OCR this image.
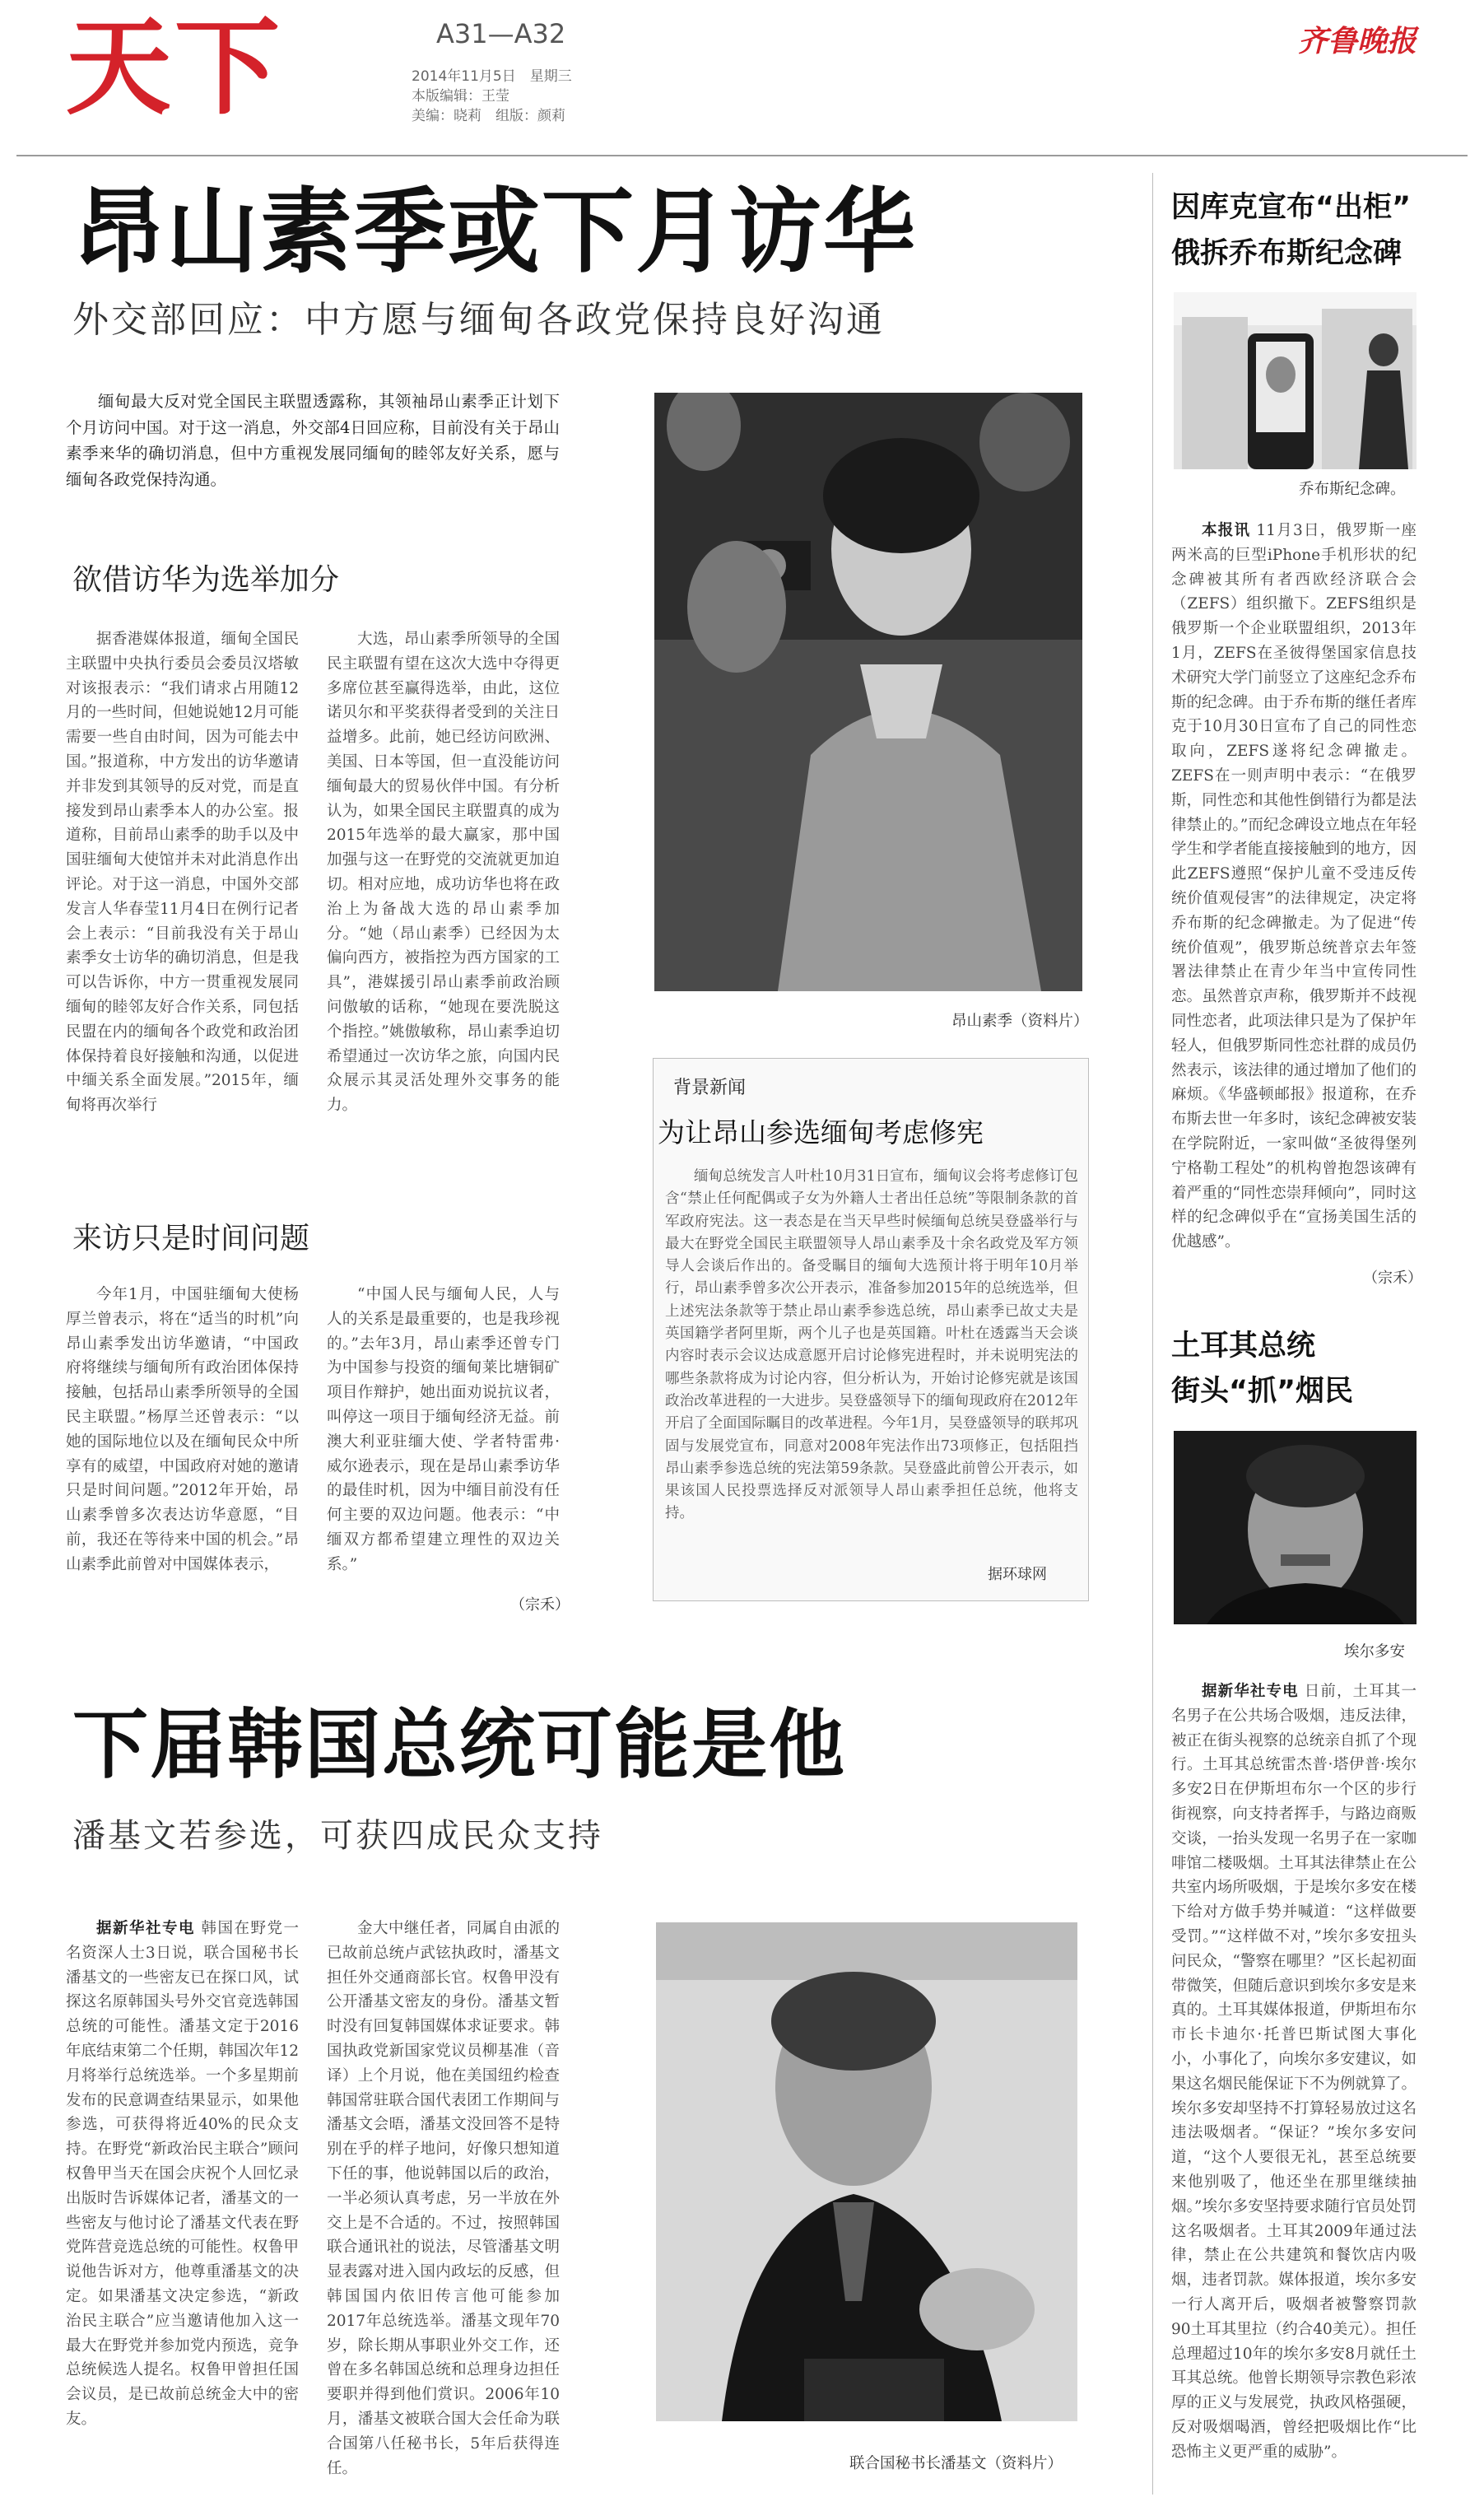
天下	A31—A32
2014年11月5日　星期三
本版编辑：王莹
美编：晓莉　组版：颜莉
齐鲁晚报
昂山素季或下月访华
外交部回应：中方愿与缅甸各政党保持良好沟通
缅甸最大反对党全国民主联盟透露称，其领袖昂山素季正计划下个月访问中国。对于这一消息，外交部4日回应称，目前没有关于昂山素季来华的确切消息，但中方重视发展同缅甸的睦邻友好关系，愿与缅甸各政党保持沟通。
欲借访华为选举加分
据香港媒体报道，缅甸全国民主联盟中央执行委员会委员汉塔敏对该报表示：“我们请求占用随12月的一些时间，但她说她12月可能需要一些自由时间，因为可能去中国。”报道称，中方发出的访华邀请并非发到其领导的反对党，而是直接发到昂山素季本人的办公室。报道称，目前昂山素季的助手以及中国驻缅甸大使馆并未对此消息作出评论。对于这一消息，中国外交部发言人华春莹11月4日在例行记者会上表示：“目前我没有关于昂山素季女士访华的确切消息，但是我可以告诉你，中方一贯重视发展同缅甸的睦邻友好合作关系，同包括民盟在内的缅甸各个政党和政治团体保持着良好接触和沟通，以促进中缅关系全面发展。”2015年，缅甸将再次举行
大选，昂山素季所领导的全国民主联盟有望在这次大选中夺得更多席位甚至赢得选举，由此，这位诺贝尔和平奖获得者受到的关注日益增多。此前，她已经访问欧洲、美国、日本等国，但一直没能访问缅甸最大的贸易伙伴中国。有分析认为，如果全国民主联盟真的成为2015年选举的最大赢家，那中国加强与这一在野党的交流就更加迫切。相对应地，成功访华也将在政治上为备战大选的昂山素季加分。“她（昂山素季）已经因为太偏向西方，被指控为西方国家的工具”，港媒援引昂山素季前政治顾问傲敏的话称，“她现在要洗脱这个指控。”姚傲敏称，昂山素季迫切希望通过一次访华之旅，向国内民众展示其灵活处理外交事务的能力。
来访只是时间问题
今年1月，中国驻缅甸大使杨厚兰曾表示，将在“适当的时机”向昂山素季发出访华邀请，“中国政府将继续与缅甸所有政治团体保持接触，包括昂山素季所领导的全国民主联盟。”杨厚兰还曾表示：“以她的国际地位以及在缅甸民众中所享有的威望，中国政府对她的邀请只是时间问题。”2012年开始，昂山素季曾多次表达访华意愿，“目前，我还在等待来中国的机会。”昂山素季此前曾对中国媒体表示，
“中国人民与缅甸人民，人与人的关系是最重要的，也是我珍视的。”去年3月，昂山素季还曾专门为中国参与投资的缅甸莱比塘铜矿项目作辩护，她出面劝说抗议者，叫停这一项目于缅甸经济无益。前澳大利亚驻缅大使、学者特雷弗·威尔逊表示，现在是昂山素季访华的最佳时机，因为中缅目前没有任何主要的双边问题。他表示：“中缅双方都希望建立理性的双边关系。”
（宗禾）
昂山素季（资料片）
背景新闻
为让昂山参选缅甸考虑修宪
缅甸总统发言人叶杜10月31日宣布，缅甸议会将考虑修订包含“禁止任何配偶或子女为外籍人士者出任总统”等限制条款的首军政府宪法。这一表态是在当天早些时候缅甸总统吴登盛举行与最大在野党全国民主联盟领导人昂山素季及十余名政党及军方领导人会谈后作出的。备受瞩目的缅甸大选预计将于明年10月举行，昂山素季曾多次公开表示，准备参加2015年的总统选举，但上述宪法条款等于禁止昂山素季参选总统，昂山素季已故丈夫是英国籍学者阿里斯，两个儿子也是英国籍。叶杜在透露当天会谈内容时表示会议达成意愿开启讨论修宪进程时，并未说明宪法的哪些条款将成为讨论内容，但分析认为，开始讨论修宪就是该国政治改革进程的一大进步。吴登盛领导下的缅甸现政府在2012年开启了全面国际瞩目的改革进程。今年1月，吴登盛领导的联邦巩固与发展党宣布，同意对2008年宪法作出73项修正，包括阻挡昂山素季参选总统的宪法第59条款。吴登盛此前曾公开表示，如果该国人民投票选择反对派领导人昂山素季担任总统，他将支持。
据环球网
下届韩国总统可能是他
潘基文若参选，可获四成民众支持
据新华社专电 韩国在野党一名资深人士3日说，联合国秘书长潘基文的一些密友已在探口风，试探这名原韩国头号外交官竞选韩国总统的可能性。潘基文定于2016年底结束第二个任期，韩国次年12月将举行总统选举。一个多星期前发布的民意调查结果显示，如果他参选，可获得将近40%的民众支持。在野党“新政治民主联合”顾问权鲁甲当天在国会庆祝个人回忆录出版时告诉媒体记者，潘基文的一些密友与他讨论了潘基文代表在野党阵营竞选总统的可能性。权鲁甲说他告诉对方，他尊重潘基文的决定。如果潘基文决定参选，“新政治民主联合”应当邀请他加入这一最大在野党并参加党内预选，竞争总统候选人提名。权鲁甲曾担任国会议员，是已故前总统金大中的密友。
金大中继任者，同属自由派的已故前总统卢武铉执政时，潘基文担任外交通商部长官。权鲁甲没有公开潘基文密友的身份。潘基文暂时没有回复韩国媒体求证要求。韩国执政党新国家党议员柳基准（音译）上个月说，他在美国纽约检查韩国常驻联合国代表团工作期间与潘基文会晤，潘基文没回答不是特别在乎的样子地问，好像只想知道下任的事，他说韩国以后的政治，一半必须认真考虑，另一半放在外交上是不合适的。不过，按照韩国联合通讯社的说法，尽管潘基文明显表露对进入国内政坛的反感，但韩国国内依旧传言他可能参加2017年总统选举。潘基文现年70岁，除长期从事职业外交工作，还曾在多名韩国总统和总理身边担任要职并得到他们赏识。2006年10月，潘基文被联合国大会任命为联合国第八任秘书长，5年后获得连任。	联合国秘书长潘基文（资料片）
因库克宣布“出柜”
俄拆乔布斯纪念碑
乔布斯纪念碑。
本报讯 11月3日，俄罗斯一座两米高的巨型iPhone手机形状的纪念碑被其所有者西欧经济联合会（ZEFS）组织撤下。ZEFS组织是俄罗斯一个企业联盟组织，2013年1月，ZEFS在圣彼得堡国家信息技术研究大学门前竖立了这座纪念乔布斯的纪念碑。由于乔布斯的继任者库克于10月30日宣布了自己的同性恋取向，ZEFS遂将纪念碑撤走。ZEFS在一则声明中表示：“在俄罗斯，同性恋和其他性倒错行为都是法律禁止的。”而纪念碑设立地点在年轻学生和学者能直接接触到的地方，因此ZEFS遵照“保护儿童不受违反传统价值观侵害”的法律规定，决定将乔布斯的纪念碑撤走。为了促进“传统价值观”，俄罗斯总统普京去年签署法律禁止在青少年当中宣传同性恋。虽然普京声称，俄罗斯并不歧视同性恋者，此项法律只是为了保护年轻人，但俄罗斯同性恋社群的成员仍然表示，该法律的通过增加了他们的麻烦。《华盛顿邮报》报道称，在乔布斯去世一年多时，该纪念碑被安装在学院附近，一家叫做“圣彼得堡列宁格勒工程处”的机构曾抱怨该碑有着严重的“同性恋崇拜倾向”，同时这样的纪念碑似乎在“宣扬美国生活的优越感”。
（宗禾）
土耳其总统
街头“抓”烟民
埃尔多安
据新华社专电 日前，土耳其一名男子在公共场合吸烟，违反法律，被正在街头视察的总统亲自抓了个现行。土耳其总统雷杰普·塔伊普·埃尔多安2日在伊斯坦布尔一个区的步行街视察，向支持者挥手，与路边商贩交谈，一抬头发现一名男子在一家咖啡馆二楼吸烟。土耳其法律禁止在公共室内场所吸烟，于是埃尔多安在楼下给对方做手势并喊道：“这样做要受罚。”“这样做不对，”埃尔多安扭头问民众，“警察在哪里？”区长起初面带微笑，但随后意识到埃尔多安是来真的。土耳其媒体报道，伊斯坦布尔市长卡迪尔·托普巴斯试图大事化小，小事化了，向埃尔多安建议，如果这名烟民能保证下不为例就算了。埃尔多安却坚持不打算轻易放过这名违法吸烟者。“保证？”埃尔多安问道，“这个人要很无礼，甚至总统要来他别吸了，他还坐在那里继续抽烟。”埃尔多安坚持要求随行官员处罚这名吸烟者。土耳其2009年通过法律，禁止在公共建筑和餐饮店内吸烟，违者罚款。媒体报道，埃尔多安一行人离开后，吸烟者被警察罚款90土耳其里拉（约合40美元）。担任总理超过10年的埃尔多安8月就任土耳其总统。他曾长期领导宗教色彩浓厚的正义与发展党，执政风格强硬，反对吸烟喝酒，曾经把吸烟比作“比恐怖主义更严重的威胁”。
